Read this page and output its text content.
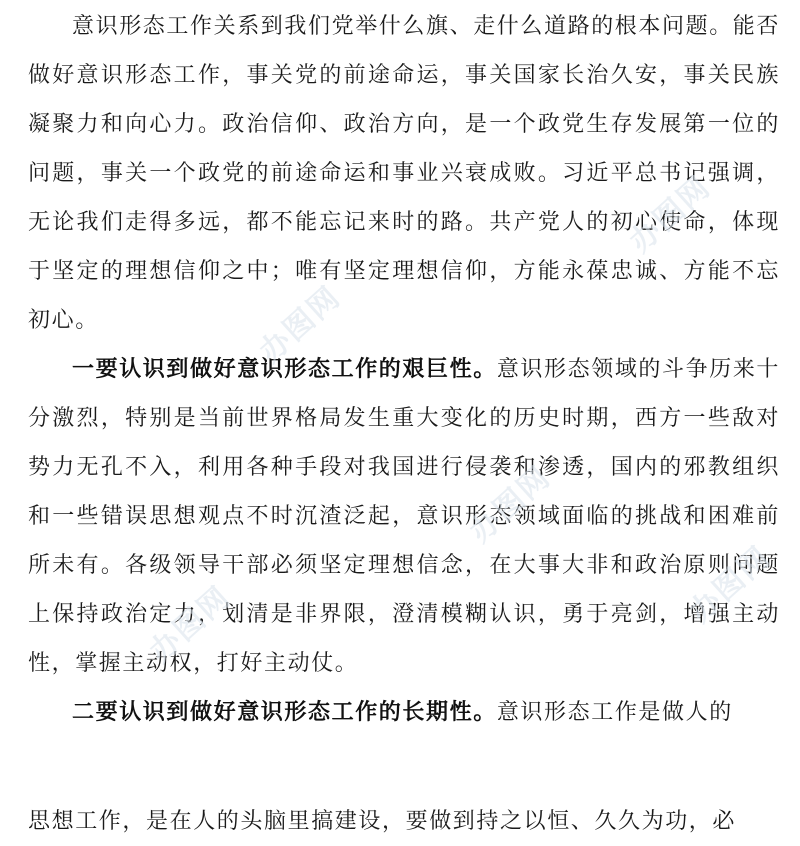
意识形态工作关系到我们党举什么旗、走什么道路的根本问题。能否做好意识形态工作，事关党的前途命运，事关国家长治久安，事关民族凝聚力和向心力。政治信仰、政治方向，是一个政党生存发展第一位的问题，事关一个政党的前途命运和事业兴衰成败。习近平总书记强调，无论我们走得多远，都不能忘记来时的路。共产党人的初心使命，体现于坚定的理想信仰之中；唯有坚定理想信仰，方能永葆忠诚、方能不忘初心。

一要认识到做好意识形态工作的艰巨性。意识形态领域的斗争历来十分激烈，特别是当前世界格局发生重大变化的历史时期，西方一些敌对势力无孔不入，利用各种手段对我国进行侵袭和渗透，国内的邪教组织和一些错误思想观点不时沉渣泛起，意识形态领域面临的挑战和困难前所未有。各级领导干部必须坚定理想信念，在大事大非和政治原则问题上保持政治定力，划清是非界限，澄清模糊认识，勇于亮剑，增强主动性，掌握主动权，打好主动仗。

二要认识到做好意识形态工作的长期性。意识形态工作是做人的

思想工作，是在人的头脑里搞建设，要做到持之以恒、久久为功，必

办图网
办图网
办图网	办图网
办图网
